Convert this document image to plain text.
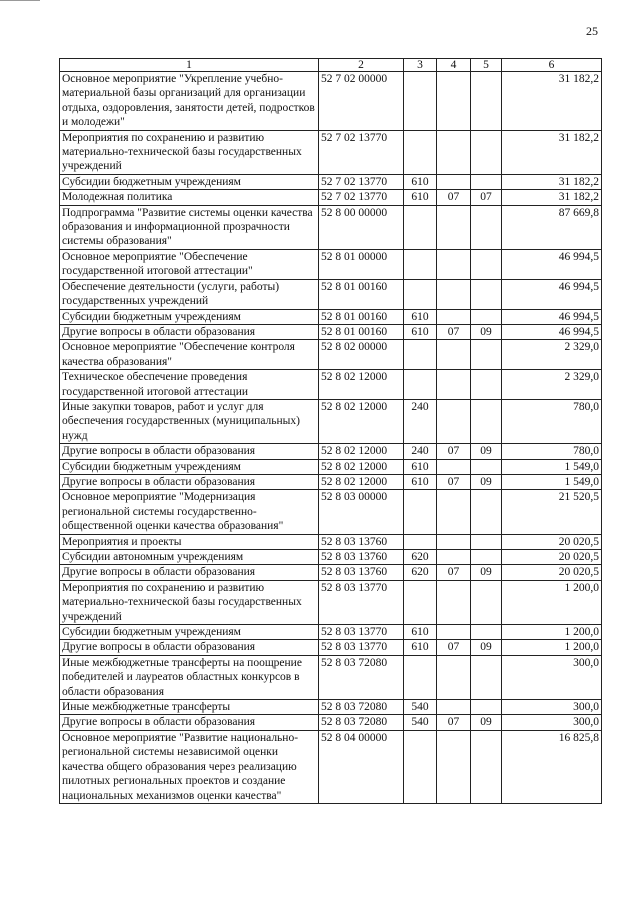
25
1	2	3	4	5	6
Основное мероприятие "Укрепление учебно-материальной базы организаций для организации отдыха, оздоровления, занятости детей, подростков и молодежи"	52 7 02 00000				31 182,2
Мероприятия по сохранению и развитию материально-технической базы государственных учреждений	52 7 02 13770				31 182,2
Субсидии бюджетным учреждениям	52 7 02 13770	610			31 182,2
Молодежная политика	52 7 02 13770	610	07	07	31 182,2
Подпрограмма "Развитие системы оценки качества образования и информационной прозрачности системы образования"	52 8 00 00000				87 669,8
Основное мероприятие "Обеспечение государственной итоговой аттестации"	52 8 01 00000				46 994,5
Обеспечение деятельности (услуги, работы) государственных учреждений	52 8 01 00160				46 994,5
Субсидии бюджетным учреждениям	52 8 01 00160	610			46 994,5
Другие вопросы в области образования	52 8 01 00160	610	07	09	46 994,5
Основное мероприятие "Обеспечение контроля качества образования"	52 8 02 00000				2 329,0
Техническое обеспечение проведения государственной итоговой аттестации	52 8 02 12000				2 329,0
Иные закупки товаров, работ и услуг для обеспечения государственных (муниципальных) нужд	52 8 02 12000	240			780,0
Другие вопросы в области образования	52 8 02 12000	240	07	09	780,0
Субсидии бюджетным учреждениям	52 8 02 12000	610			1 549,0
Другие вопросы в области образования	52 8 02 12000	610	07	09	1 549,0
Основное мероприятие "Модернизация региональной системы государственно-общественной оценки качества образования"	52 8 03 00000				21 520,5
Мероприятия и проекты	52 8 03 13760				20 020,5
Субсидии автономным учреждениям	52 8 03 13760	620			20 020,5
Другие вопросы в области образования	52 8 03 13760	620	07	09	20 020,5
Мероприятия по сохранению и развитию материально-технической базы государственных учреждений	52 8 03 13770				1 200,0
Субсидии бюджетным учреждениям	52 8 03 13770	610			1 200,0
Другие вопросы в области образования	52 8 03 13770	610	07	09	1 200,0
Иные межбюджетные трансферты на поощрение победителей и лауреатов областных конкурсов в области образования	52 8 03 72080				300,0
Иные межбюджетные трансферты	52 8 03 72080	540			300,0
Другие вопросы в области образования	52 8 03 72080	540	07	09	300,0
Основное мероприятие "Развитие национально-региональной системы независимой оценки качества общего образования через реализацию пилотных региональных проектов и создание национальных механизмов оценки качества"	52 8 04 00000				16 825,8
